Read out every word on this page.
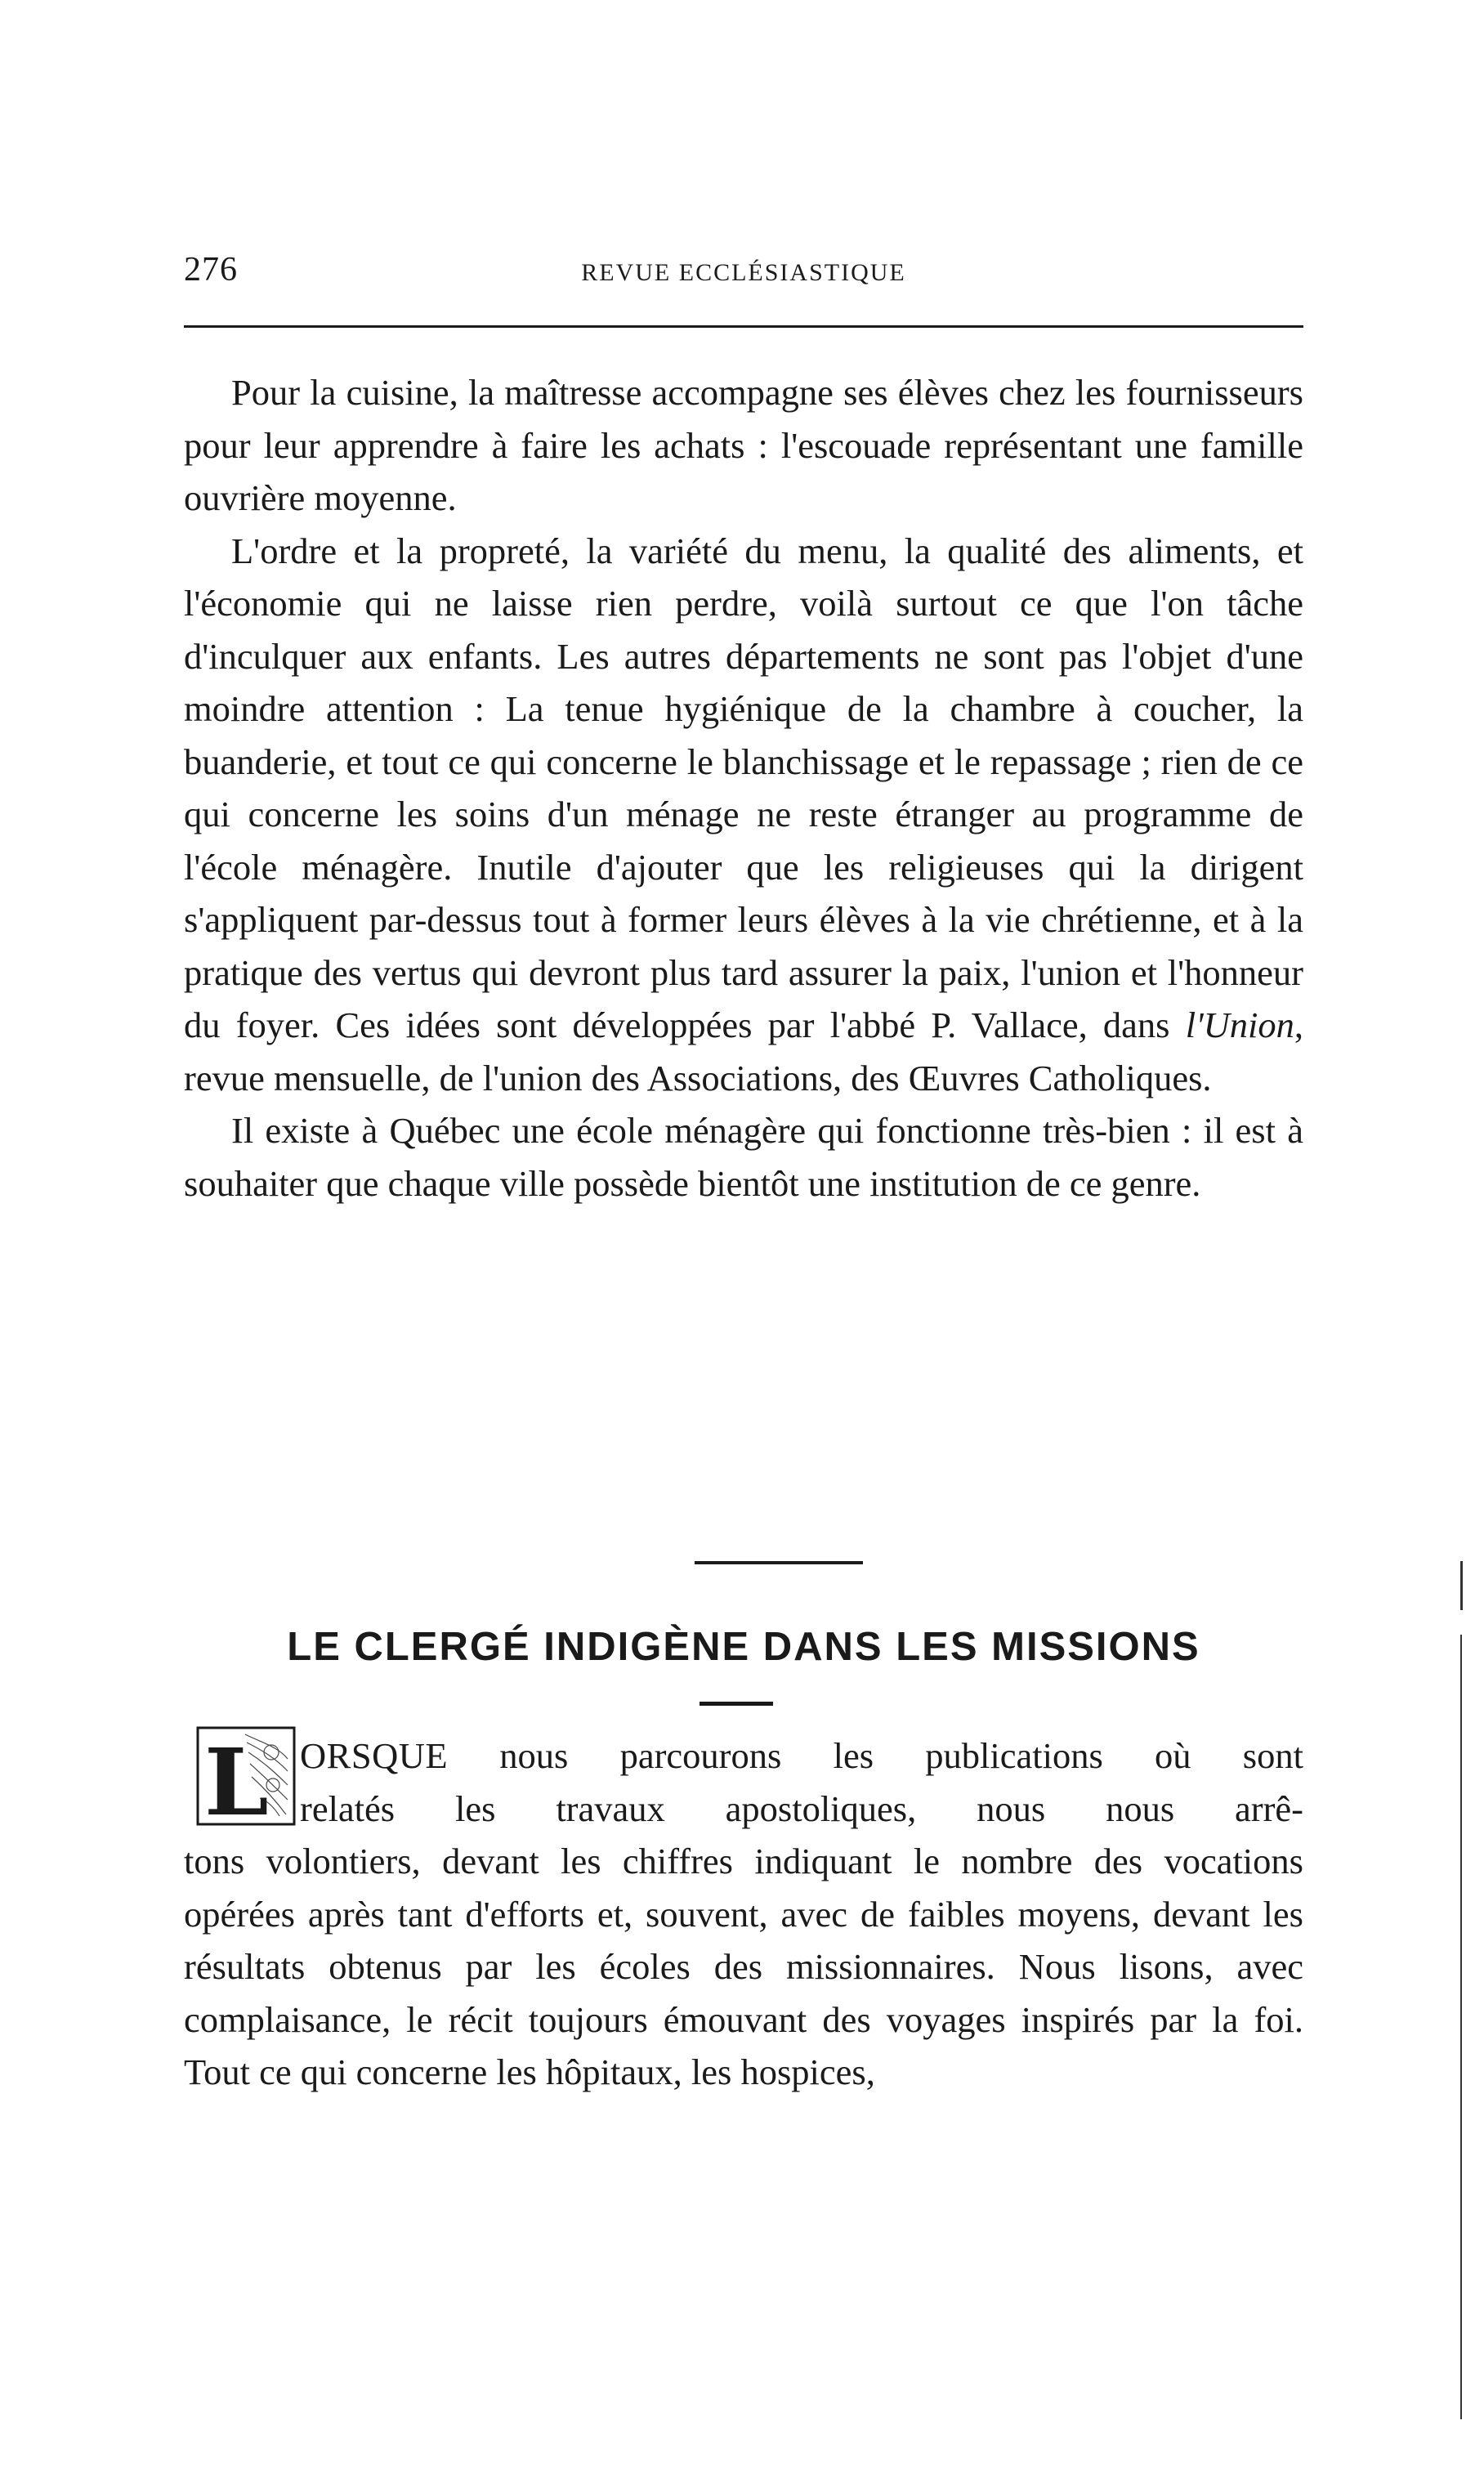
276	REVUE ECCLÉSIASTIQUE

Pour la cuisine, la maîtresse accompagne ses élèves chez les fournisseurs pour leur apprendre à faire les achats : l'escouade représentant une famille ouvrière moyenne.

L'ordre et la propreté, la variété du menu, la qualité des aliments, et l'économie qui ne laisse rien perdre, voilà surtout ce que l'on tâche d'inculquer aux enfants. Les autres départements ne sont pas l'objet d'une moindre attention : La tenue hygiénique de la chambre à coucher, la buanderie, et tout ce qui concerne le blanchissage et le repassage ; rien de ce qui concerne les soins d'un ménage ne reste étranger au programme de l'école ménagère. Inutile d'ajouter que les religieuses qui la dirigent s'appliquent par-dessus tout à former leurs élèves à la vie chrétienne, et à la pratique des vertus qui devront plus tard assurer la paix, l'union et l'honneur du foyer. Ces idées sont développées par l'abbé P. Vallace, dans l'Union, revue mensuelle, de l'union des Associations, des Œuvres Catholiques.

Il existe à Québec une école ménagère qui fonctionne très-bien : il est à souhaiter que chaque ville possède bientôt une institution de ce genre.

LE CLERGÉ INDIGÈNE DANS LES MISSIONS
L ORSQUE nous parcourons les publications où sont
relatés les travaux apostoliques, nous nous arrê-

tons volontiers, devant les chiffres indiquant le nombre des vocations opérées après tant d'efforts et, souvent, avec de faibles moyens, devant les résultats obtenus par les écoles des missionnaires. Nous lisons, avec complaisance, le récit toujours émouvant des voyages inspirés par la foi. Tout ce qui concerne les hôpitaux, les hospices,
